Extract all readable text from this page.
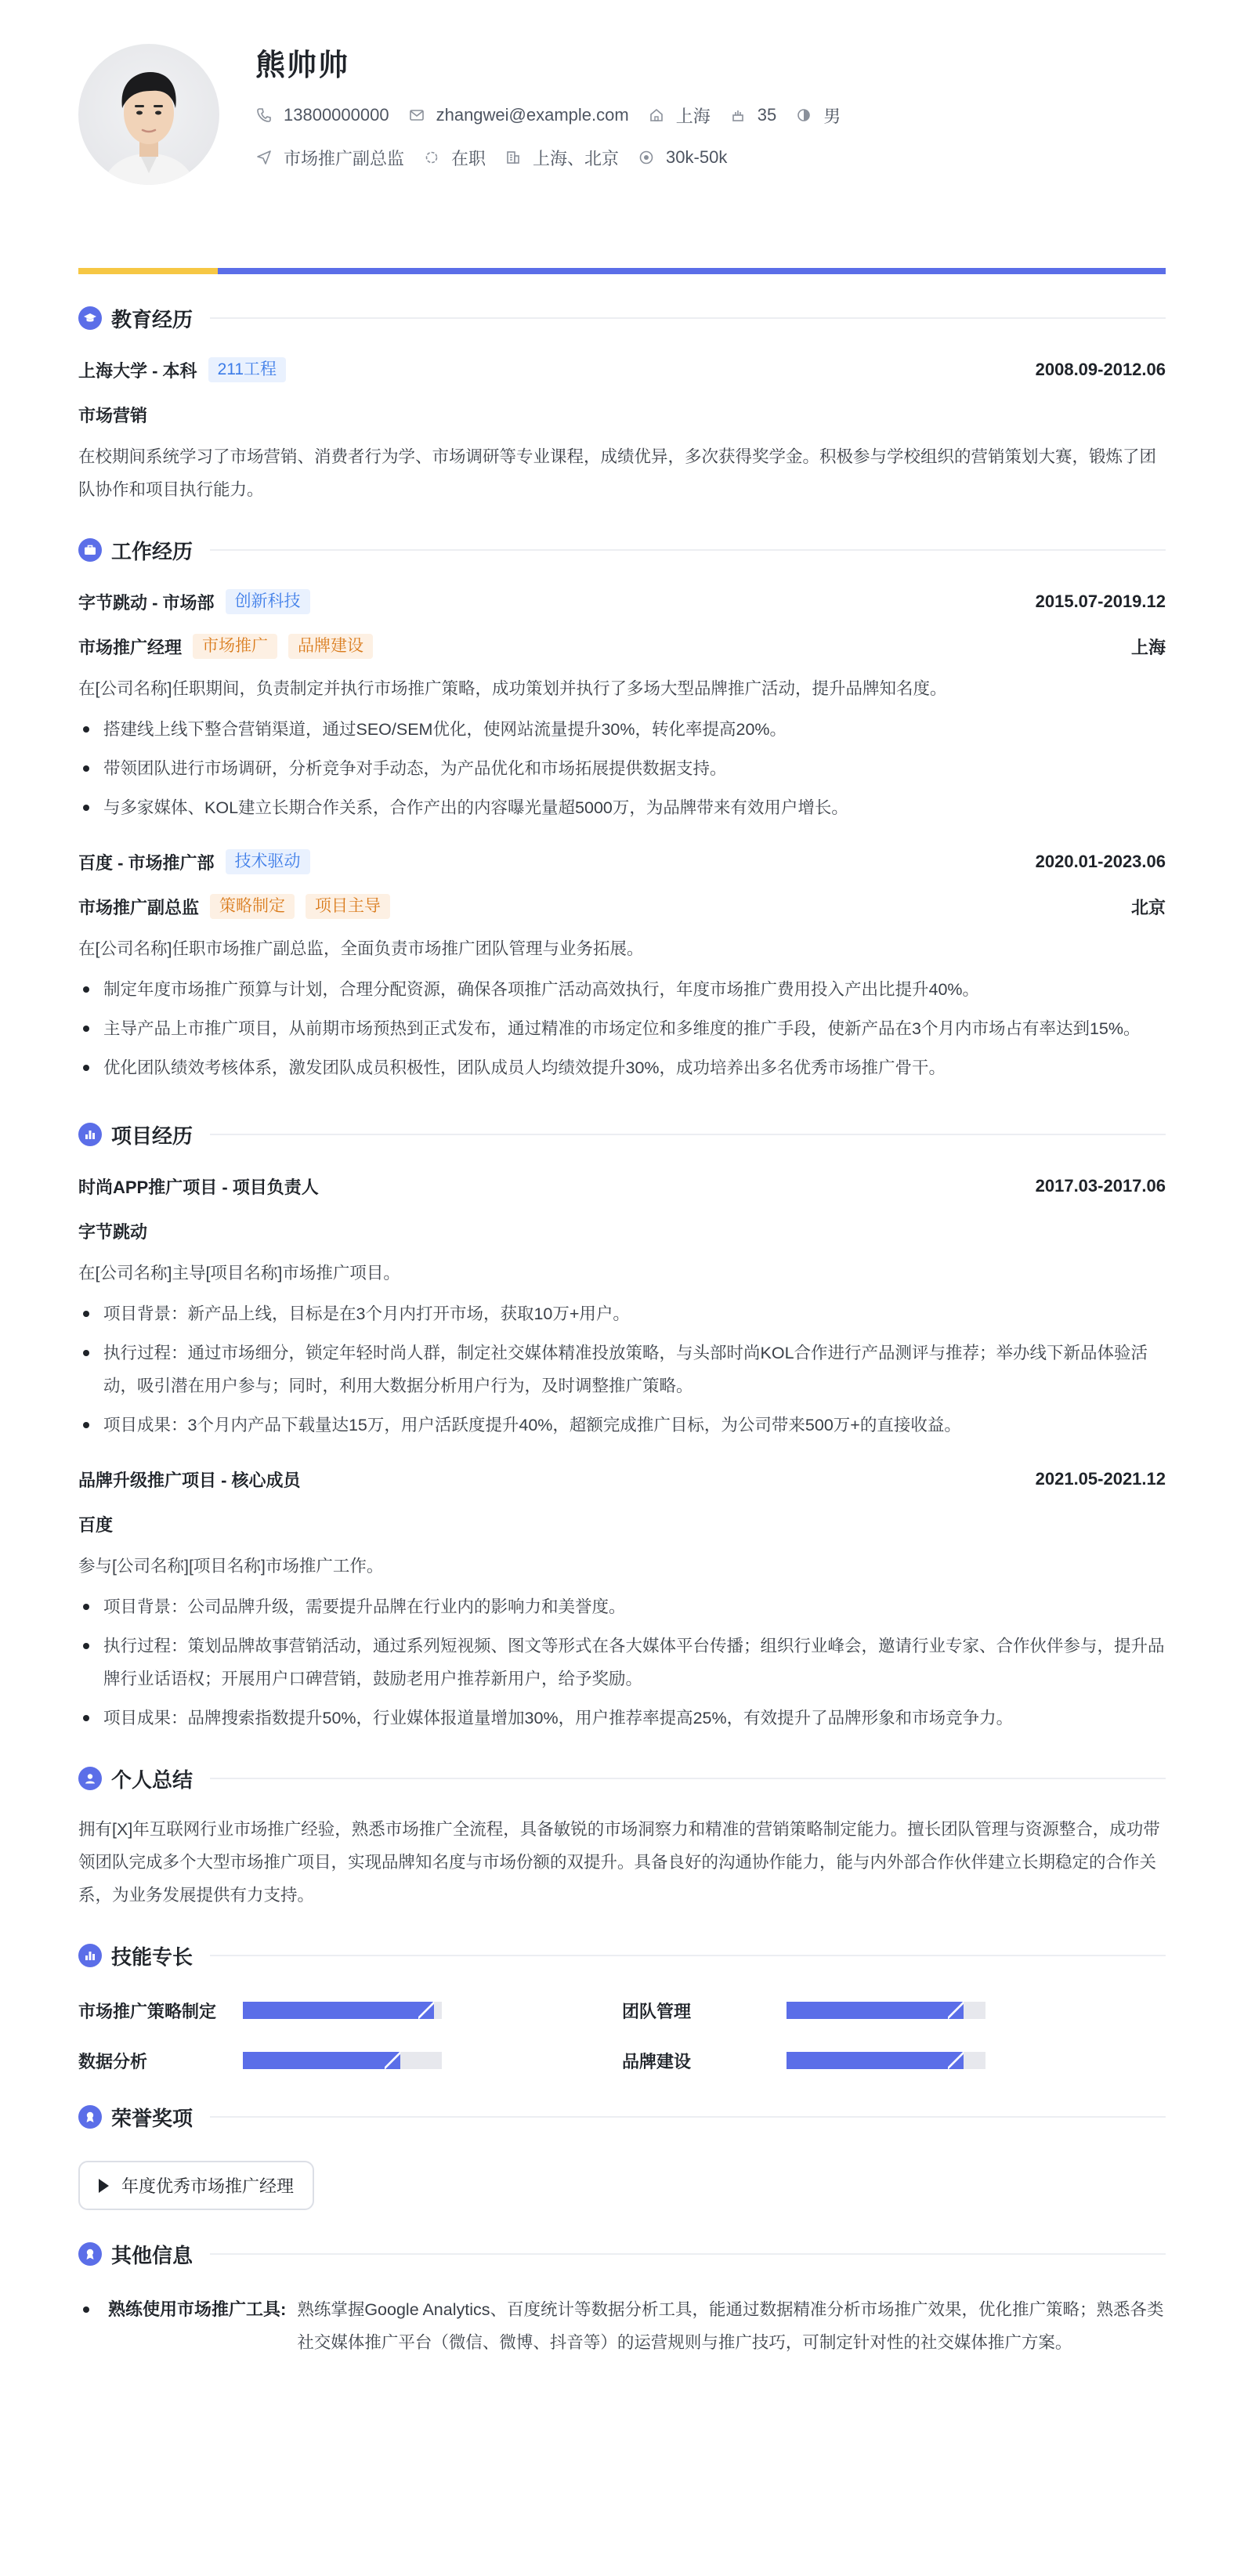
熊帅帅
13800000000	zhangwei@example.com	上海	35	男
市场推广副总监	在职	上海、北京	30k-50k
教育经历
上海大学 - 本科	211工程	2008.09-2012.06
市场营销
在校期间系统学习了市场营销、消费者行为学、市场调研等专业课程，成绩优异，多次获得奖学金。积极参与学校组织的营销策划大赛，锻炼了团队协作和项目执行能力。
工作经历
字节跳动 - 市场部	创新科技	2015.07-2019.12
市场推广经理	市场推广	品牌建设	上海
在[公司名称]任职期间，负责制定并执行市场推广策略，成功策划并执行了多场大型品牌推广活动，提升品牌知名度。
搭建线上线下整合营销渠道，通过SEO/SEM优化，使网站流量提升30%，转化率提高20%。
带领团队进行市场调研，分析竞争对手动态，为产品优化和市场拓展提供数据支持。
与多家媒体、KOL建立长期合作关系，合作产出的内容曝光量超5000万，为品牌带来有效用户增长。
百度 - 市场推广部	技术驱动	2020.01-2023.06
市场推广副总监	策略制定	项目主导	北京
在[公司名称]任职市场推广副总监，全面负责市场推广团队管理与业务拓展。
制定年度市场推广预算与计划，合理分配资源，确保各项推广活动高效执行，年度市场推广费用投入产出比提升40%。
主导产品上市推广项目，从前期市场预热到正式发布，通过精准的市场定位和多维度的推广手段，使新产品在3个月内市场占有率达到15%。
优化团队绩效考核体系，激发团队成员积极性，团队成员人均绩效提升30%，成功培养出多名优秀市场推广骨干。
项目经历
时尚APP推广项目 - 项目负责人	2017.03-2017.06
字节跳动
在[公司名称]主导[项目名称]市场推广项目。
项目背景：新产品上线，目标是在3个月内打开市场，获取10万+用户。
执行过程：通过市场细分，锁定年轻时尚人群，制定社交媒体精准投放策略，与头部时尚KOL合作进行产品测评与推荐；举办线下新品体验活动，吸引潜在用户参与；同时，利用大数据分析用户行为，及时调整推广策略。
项目成果：3个月内产品下载量达15万，用户活跃度提升40%，超额完成推广目标，为公司带来500万+的直接收益。
品牌升级推广项目 - 核心成员	2021.05-2021.12
百度
参与[公司名称][项目名称]市场推广工作。
项目背景：公司品牌升级，需要提升品牌在行业内的影响力和美誉度。
执行过程：策划品牌故事营销活动，通过系列短视频、图文等形式在各大媒体平台传播；组织行业峰会，邀请行业专家、合作伙伴参与，提升品牌行业话语权；开展用户口碑营销，鼓励老用户推荐新用户，给予奖励。
项目成果：品牌搜索指数提升50%，行业媒体报道量增加30%，用户推荐率提高25%，有效提升了品牌形象和市场竞争力。
个人总结
拥有[X]年互联网行业市场推广经验，熟悉市场推广全流程，具备敏锐的市场洞察力和精准的营销策略制定能力。擅长团队管理与资源整合，成功带领团队完成多个大型市场推广项目，实现品牌知名度与市场份额的双提升。具备良好的沟通协作能力，能与内外部合作伙伴建立长期稳定的合作关系，为业务发展提供有力支持。
技能专长
市场推广策略制定	团队管理
数据分析	品牌建设
荣誉奖项
年度优秀市场推广经理
其他信息
熟练使用市场推广工具: 熟练掌握Google Analytics、百度统计等数据分析工具，能通过数据精准分析市场推广效果，优化推广策略；熟悉各类社交媒体推广平台（微信、微博、抖音等）的运营规则与推广技巧，可制定针对性的社交媒体推广方案。
